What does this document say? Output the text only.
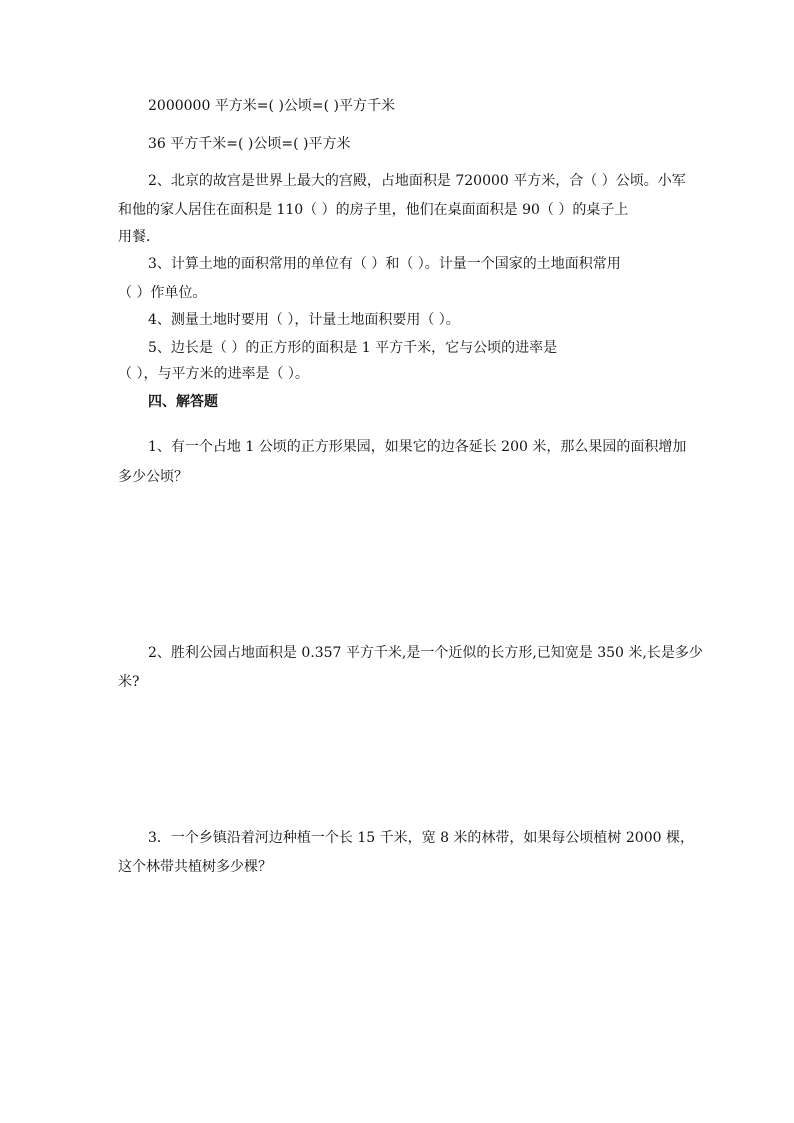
2000000 平方米=( )公顷=( )平方千米
36 平方千米=( )公顷=( )平方米
2、北京的故宫是世界上最大的宫殿，占地面积是 720000 平方米，合（ ）公顷。小军
和他的家人居住在面积是 110（ ）的房子里，他们在桌面面积是 90（ ）的桌子上
用餐．
3、计算土地的面积常用的单位有（ ）和（ ）。计量一个国家的土地面积常用
（ ）作单位。
4、测量土地时要用（ ），计量土地面积要用（ ）。
5、边长是（ ）的正方形的面积是 1 平方千米，它与公顷的进率是
（ ），与平方米的进率是（ ）。
四、解答题
1、有一个占地 1 公顷的正方形果园，如果它的边各延长 200 米，那么果园的面积增加
多少公顷？
2、胜利公园占地面积是 0.357 平方千米,是一个近似的长方形,已知宽是 350 米,长是多少
米?
3．一个乡镇沿着河边种植一个长 15 千米，宽 8 米的林带，如果每公顷植树 2000 棵，
这个林带共植树多少棵？
